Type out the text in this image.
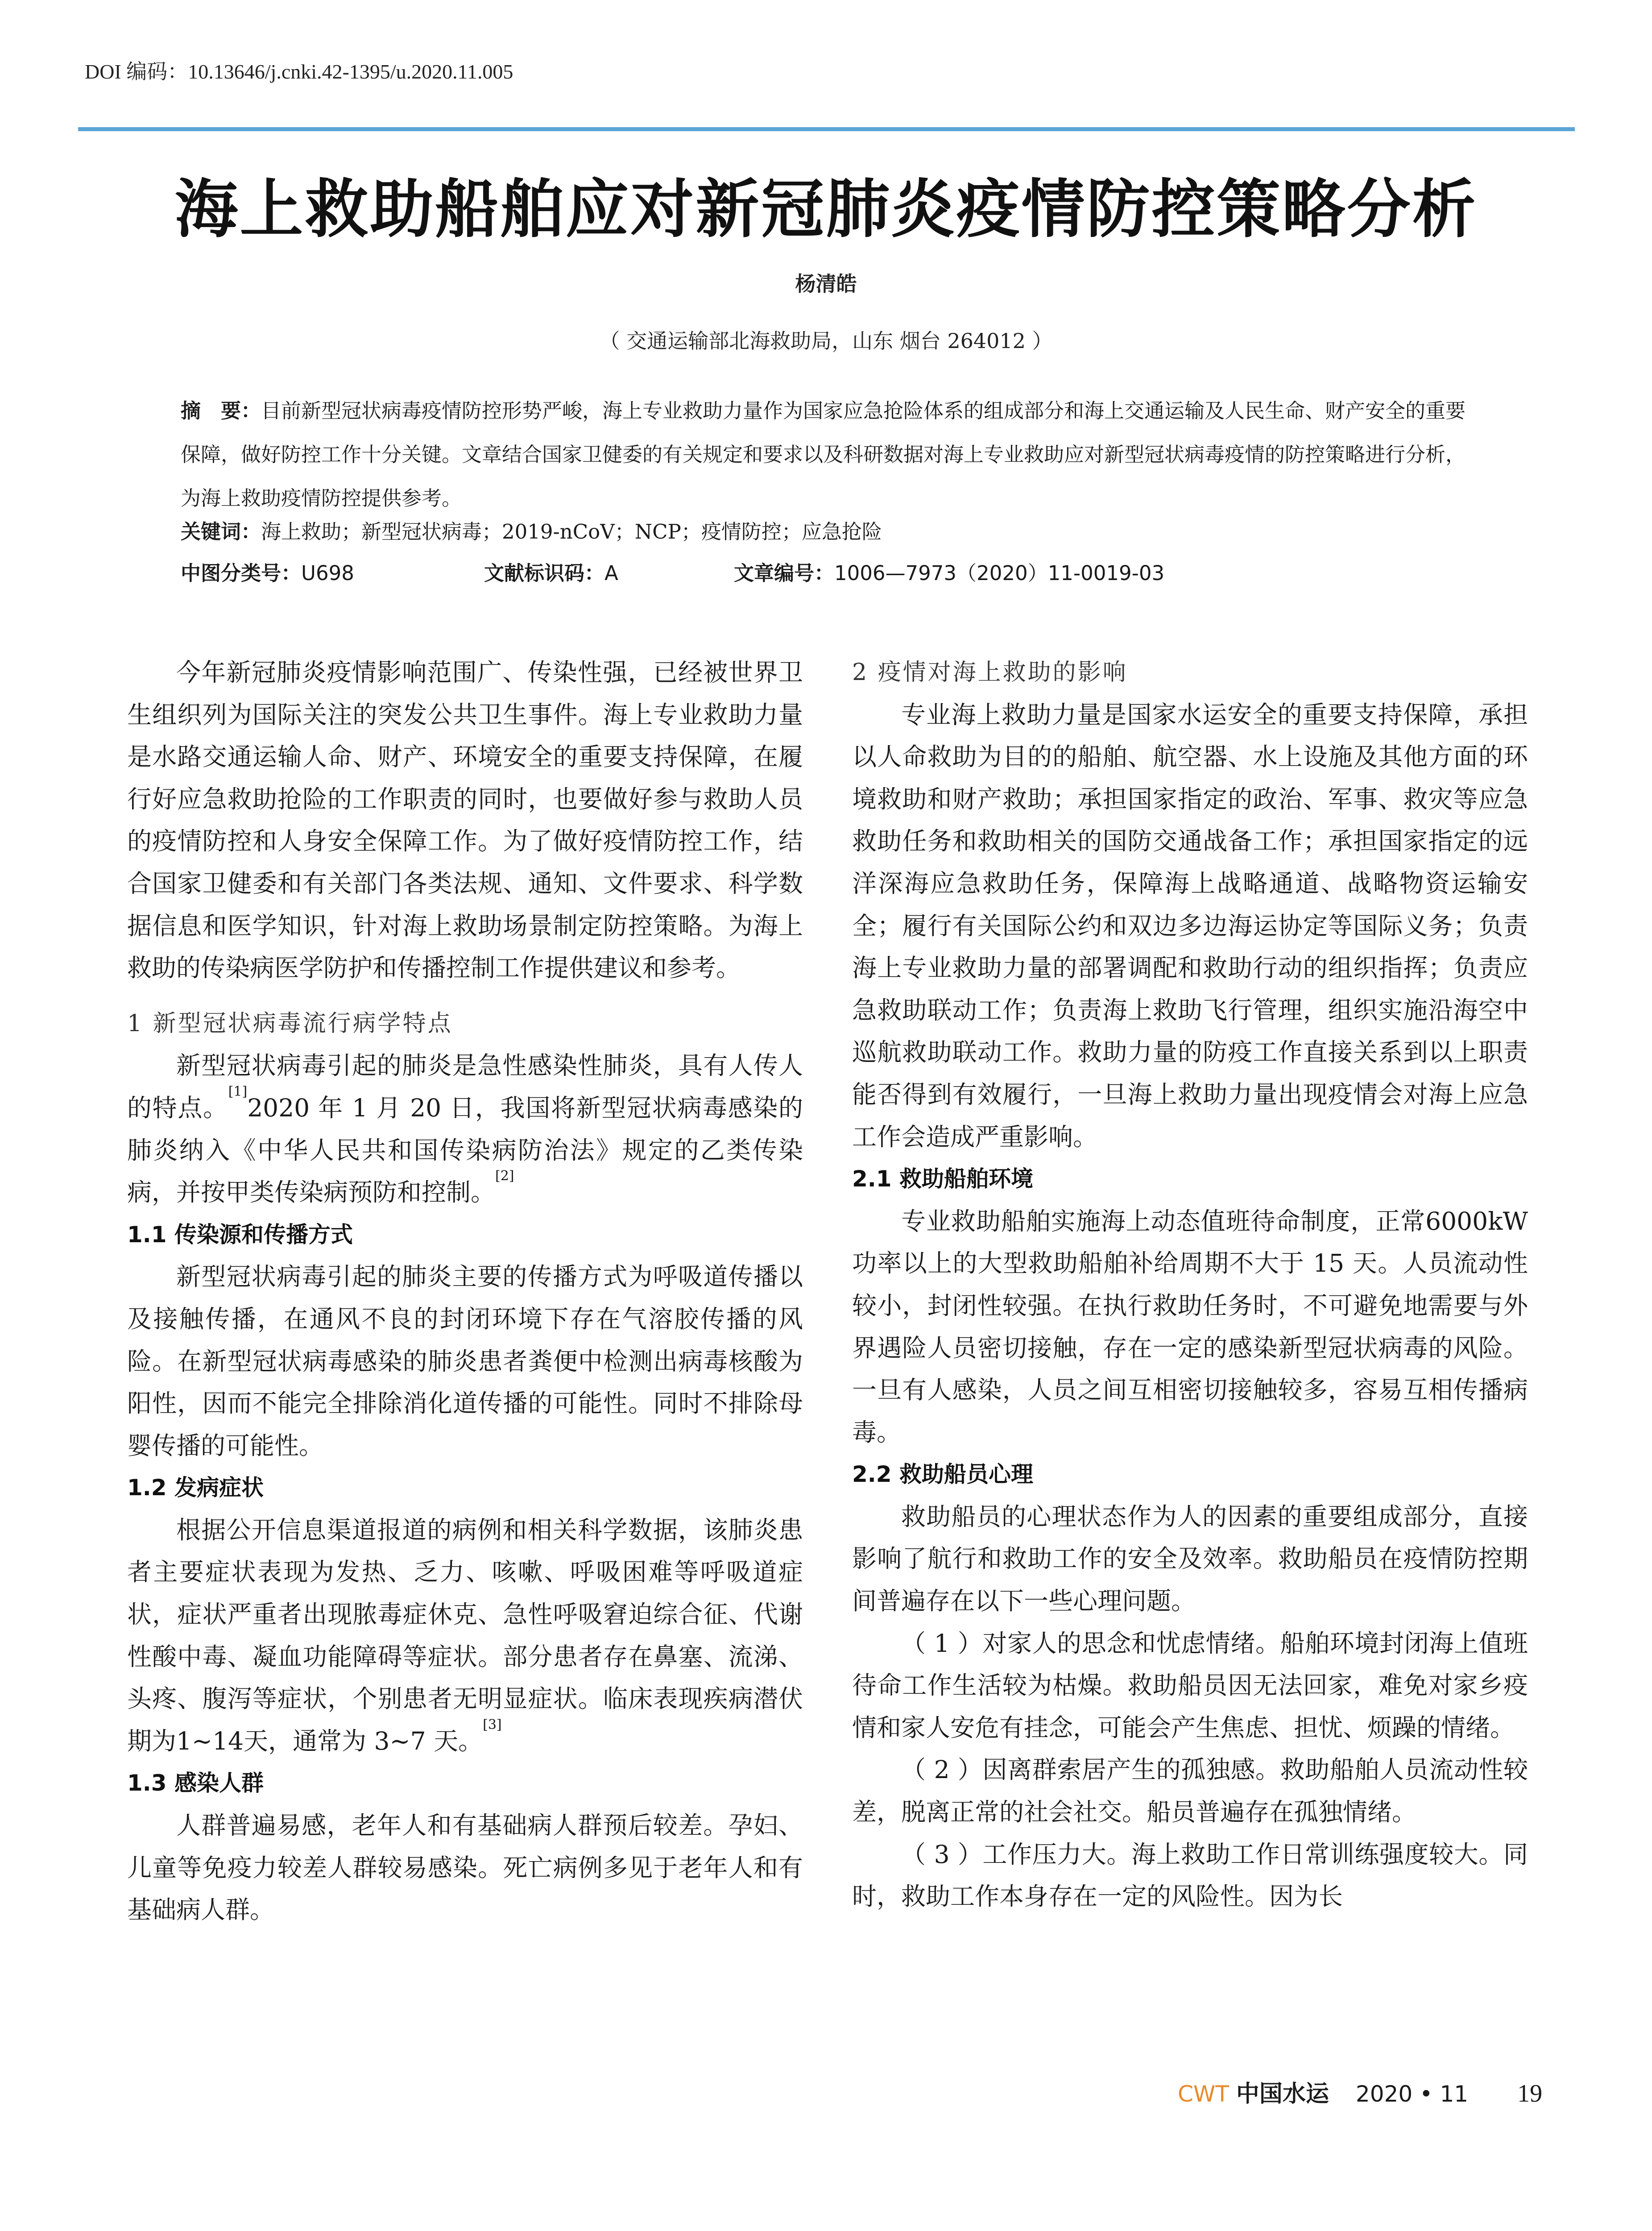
DOI 编码：10.13646/j.cnki.42-1395/u.2020.11.005
海上救助船舶应对新冠肺炎疫情防控策略分析
杨清皓
（ 交通运输部北海救助局，山东 烟台 264012 ）
摘　要：目前新型冠状病毒疫情防控形势严峻，海上专业救助力量作为国家应急抢险体系的组成部分和海上交通运输及人民生命、财产安全的重要保障，做好防控工作十分关键。文章结合国家卫健委的有关规定和要求以及科研数据对海上专业救助应对新型冠状病毒疫情的防控策略进行分析，为海上救助疫情防控提供参考。
关键词：海上救助；新型冠状病毒；2019-nCoV；NCP；疫情防控；应急抢险
中图分类号：U698	文献标识码：A	文章编号：1006—7973（2020）11-0019-03

今年新冠肺炎疫情影响范围广、传染性强，已经被世界卫生组织列为国际关注的突发公共卫生事件。海上专业救助力量是水路交通运输人命、财产、环境安全的重要支持保障，在履行好应急救助抢险的工作职责的同时，也要做好参与救助人员的疫情防控和人身安全保障工作。为了做好疫情防控工作，结合国家卫健委和有关部门各类法规、通知、文件要求、科学数据信息和医学知识，针对海上救助场景制定防控策略。为海上救助的传染病医学防护和传播控制工作提供建议和参考。

1 新型冠状病毒流行病学特点

新型冠状病毒引起的肺炎是急性感染性肺炎，具有人传人的特点。[1]2020 年 1 月 20 日，我国将新型冠状病毒感染的肺炎纳入《中华人民共和国传染病防治法》规定的乙类传染病，并按甲类传染病预防和控制。[2]

1.1 传染源和传播方式

新型冠状病毒引起的肺炎主要的传播方式为呼吸道传播以及接触传播，在通风不良的封闭环境下存在气溶胶传播的风险。在新型冠状病毒感染的肺炎患者粪便中检测出病毒核酸为阳性，因而不能完全排除消化道传播的可能性。同时不排除母婴传播的可能性。

1.2 发病症状

根据公开信息渠道报道的病例和相关科学数据，该肺炎患者主要症状表现为发热、乏力、咳嗽、呼吸困难等呼吸道症状，症状严重者出现脓毒症休克、急性呼吸窘迫综合征、代谢性酸中毒、凝血功能障碍等症状。部分患者存在鼻塞、流涕、头疼、腹泻等症状，个别患者无明显症状。临床表现疾病潜伏期为1~14天，通常为 3~7 天。[3]

1.3 感染人群

人群普遍易感，老年人和有基础病人群预后较差。孕妇、儿童等免疫力较差人群较易感染。死亡病例多见于老年人和有基础病人群。

2 疫情对海上救助的影响

专业海上救助力量是国家水运安全的重要支持保障，承担以人命救助为目的的船舶、航空器、水上设施及其他方面的环境救助和财产救助；承担国家指定的政治、军事、救灾等应急救助任务和救助相关的国防交通战备工作；承担国家指定的远洋深海应急救助任务，保障海上战略通道、战略物资运输安全；履行有关国际公约和双边多边海运协定等国际义务；负责海上专业救助力量的部署调配和救助行动的组织指挥；负责应急救助联动工作；负责海上救助飞行管理，组织实施沿海空中巡航救助联动工作。救助力量的防疫工作直接关系到以上职责能否得到有效履行，一旦海上救助力量出现疫情会对海上应急工作会造成严重影响。

2.1 救助船舶环境

专业救助船舶实施海上动态值班待命制度，正常6000kW 功率以上的大型救助船舶补给周期不大于 15 天。人员流动性较小，封闭性较强。在执行救助任务时，不可避免地需要与外界遇险人员密切接触，存在一定的感染新型冠状病毒的风险。一旦有人感染，人员之间互相密切接触较多，容易互相传播病毒。

2.2 救助船员心理

救助船员的心理状态作为人的因素的重要组成部分，直接影响了航行和救助工作的安全及效率。救助船员在疫情防控期间普遍存在以下一些心理问题。

（ 1 ）对家人的思念和忧虑情绪。船舶环境封闭海上值班待命工作生活较为枯燥。救助船员因无法回家，难免对家乡疫情和家人安危有挂念，可能会产生焦虑、担忧、烦躁的情绪。

（ 2 ）因离群索居产生的孤独感。救助船舶人员流动性较差，脱离正常的社会社交。船员普遍存在孤独情绪。

（ 3 ）工作压力大。海上救助工作日常训练强度较大。同时，救助工作本身存在一定的风险性。因为长

CWT 中国水运 2020 • 11 19
